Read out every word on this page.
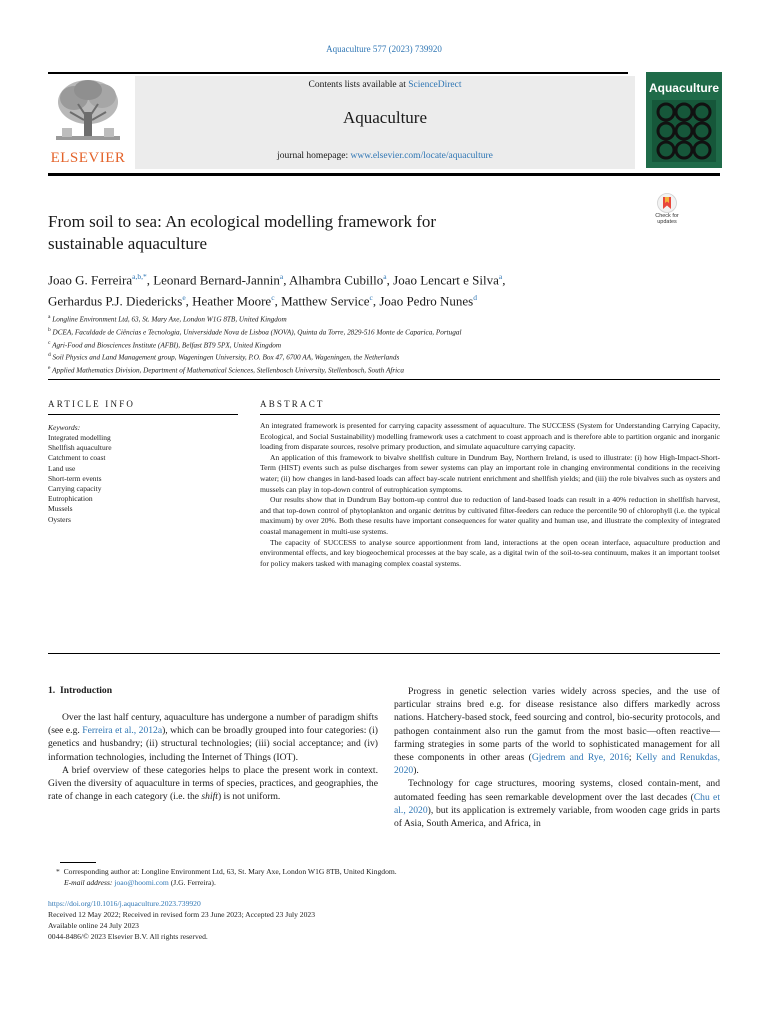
Aquaculture 577 (2023) 739920
Contents lists available at ScienceDirect
Aquaculture
journal homepage: www.elsevier.com/locate/aquaculture
ELSEVIER
Aquaculture
Check for
updates
From soil to sea: An ecological modelling framework for
sustainable aquaculture
Joao G. Ferreira$^{a,b,*}$, Leonard Bernard-Jannin$^a$, Alhambra Cubillo$^a$, Joao Lencart e Silva$^a$,
Gerhardus P.J. Diedericks$^e$, Heather Moore$^c$, Matthew Service$^c$, Joao Pedro Nunes$^d$
$^a$ Longline Environment Ltd, 63, St. Mary Axe, London W1G 8TB, United Kingdom
$^b$ DCEA, Faculdade de Ciências e Tecnologia, Universidade Nova de Lisboa (NOVA), Quinta da Torre, 2829-516 Monte de Caparica, Portugal
$^c$ Agri-Food and Biosciences Institute (AFBI), Belfast BT9 5PX, United Kingdom
$^d$ Soil Physics and Land Management group, Wageningen University, P.O. Box 47, 6700 AA, Wageningen, the Netherlands
$^e$ Applied Mathematics Division, Department of Mathematical Sciences, Stellenbosch University, Stellenbosch, South Africa
ARTICLE INFO
Keywords:
Integrated modelling
Shellfish aquaculture
Catchment to coast
Land use
Short-term events
Carrying capacity
Eutrophication
Mussels
Oysters
ABSTRACT

An integrated framework is presented for carrying capacity assessment of aquaculture. The SUCCESS (System for Understanding Carrying Capacity, Ecological, and Social Sustainability) modelling framework uses a catchment to coast approach and is therefore able to partition organic and inorganic loading from disparate sources, resolve primary production, and simulate aquaculture carrying capacity.

An application of this framework to bivalve shellfish culture in Dundrum Bay, Northern Ireland, is used to illustrate: (i) how High-Impact-Short-Term (HIST) events such as pulse discharges from sewer systems can play an important role in changing environmental conditions in the receiving water; (ii) how changes in land-based loads can affect bay-scale nutrient enrichment and shellfish yields; and (iii) the role bivalves such as oysters and mussels can play in top-down control of eutrophication symptoms.

Our results show that in Dundrum Bay bottom-up control due to reduction of land-based loads can result in a 40% reduction in shellfish harvest, and that top-down control of phytoplankton and organic detritus by cultivated filter-feeders can reduce the percentile 90 of chlorophyll (i.e. the typical maximum) by over 20%. Both these results have important consequences for water quality and human use, and illustrate the complexity of integrated coastal management in multi-use systems.

The capacity of SUCCESS to analyse source apportionment from land, interactions at the open ocean interface, aquaculture production and environmental effects, and key biogeochemical processes at the bay scale, as a digital twin of the soil-to-sea continuum, makes it an important toolset for policy makers tasked with managing complex coastal systems.

1. Introduction

Over the last half century, aquaculture has undergone a number of paradigm shifts (see e.g. Ferreira et al., 2012a), which can be broadly grouped into four categories: (i) genetics and husbandry; (ii) structural technologies; (iii) social acceptance; and (iv) information technologies, including the Internet of Things (IOT).

A brief overview of these categories helps to place the present work in context. Given the diversity of aquaculture in terms of species, practices, and geographies, the rate of change in each category (i.e. the shift) is not uniform.

Progress in genetic selection varies widely across species, and the use of particular strains bred e.g. for disease resistance also differs markedly across nations. Hatchery-based stock, feed sourcing and control, bio-security protocols, and pathogen containment also run the gamut from the most basic—often reactive—farming strategies in some parts of the world to sophisticated management for all these components in other areas (Gjedrem and Rye, 2016; Kelly and Renukdas, 2020).

Technology for cage structures, mooring systems, closed contain-ment, and automated feeding has seen remarkable development over the last decades (Chu et al., 2020), but its application is extremely variable, from wooden cage grids in parts of Asia, South America, and Africa, in

* Corresponding author at: Longline Environment Ltd, 63, St. Mary Axe, London W1G 8TB, United Kingdom.
E-mail address: joao@hoomi.com (J.G. Ferreira).
https://doi.org/10.1016/j.aquaculture.2023.739920
Received 12 May 2022; Received in revised form 23 June 2023; Accepted 23 July 2023
Available online 24 July 2023
0044-8486/© 2023 Elsevier B.V. All rights reserved.
